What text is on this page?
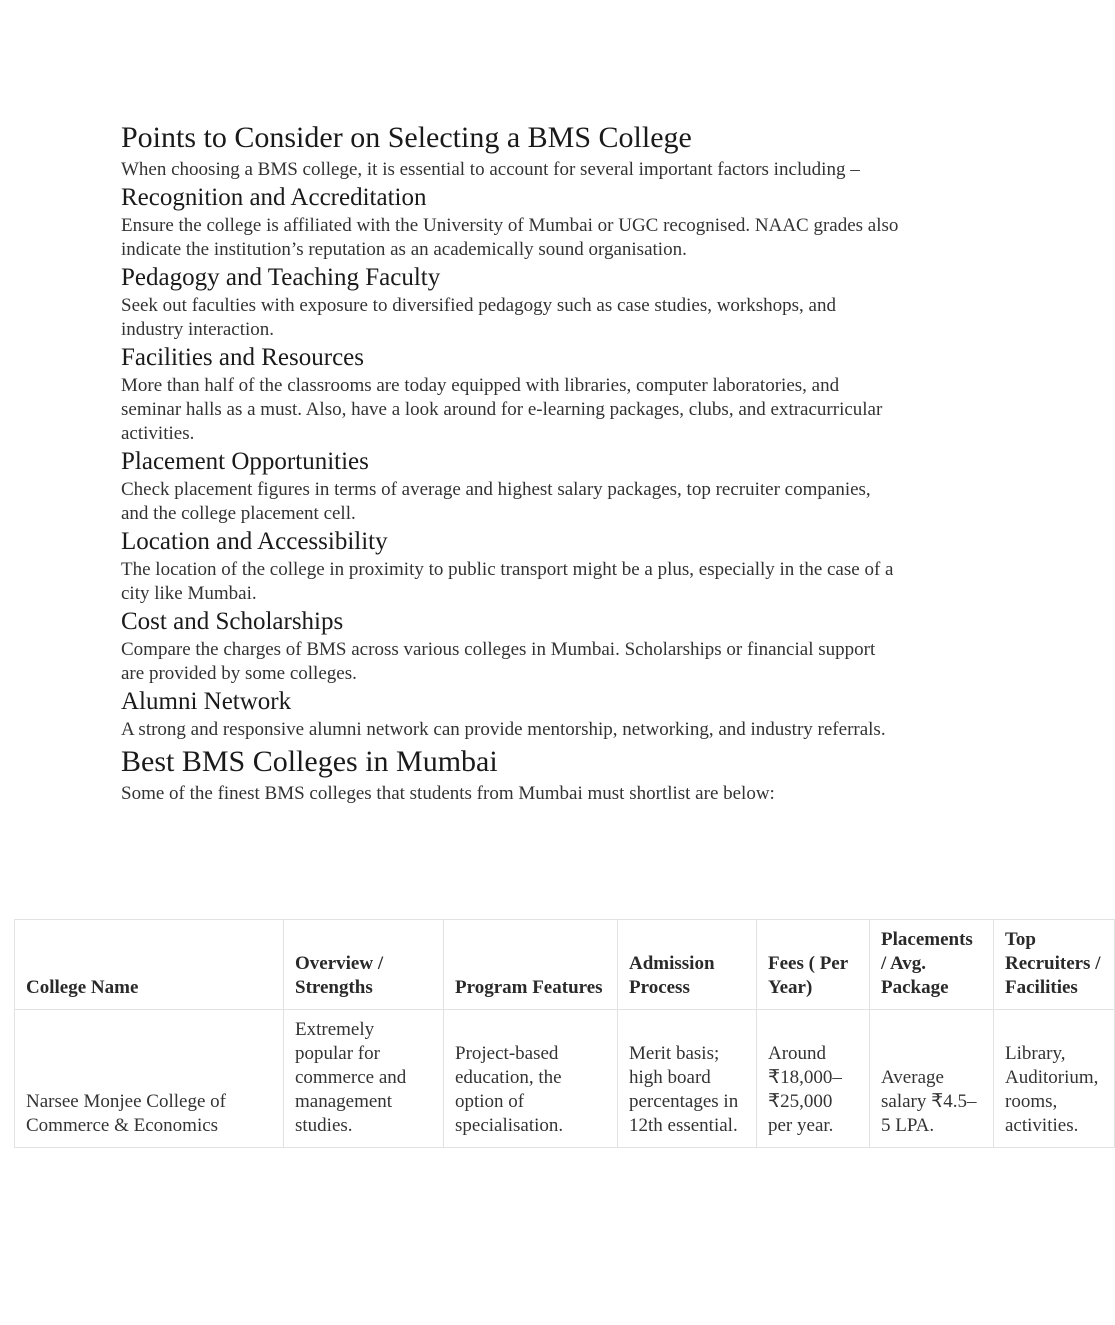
Points to Consider on Selecting a BMS College

When choosing a BMS college, it is essential to account for several important factors including –

Recognition and Accreditation

Ensure the college is affiliated with the University of Mumbai or UGC recognised. NAAC grades also indicate the institution’s reputation as an academically sound organisation.

Pedagogy and Teaching Faculty

Seek out faculties with exposure to diversified pedagogy such as case studies, workshops, and industry interaction.

Facilities and Resources

More than half of the classrooms are today equipped with libraries, computer laboratories, and seminar halls as a must. Also, have a look around for e-learning packages, clubs, and extracurricular activities.

Placement Opportunities

Check placement figures in terms of average and highest salary packages, top recruiter companies, and the college placement cell.

Location and Accessibility

The location of the college in proximity to public transport might be a plus, especially in the case of a city like Mumbai.

Cost and Scholarships

Compare the charges of BMS across various colleges in Mumbai. Scholarships or financial support are provided by some colleges.

Alumni Network

A strong and responsive alumni network can provide mentorship, networking, and industry referrals.

Best BMS Colleges in Mumbai

Some of the finest BMS colleges that students from Mumbai must shortlist are below:

College Name	Overview / Strengths	Program Features	Admission Process	Fees ( Per Year)	Placements / Avg. Package	Top Recruiters / Facilities
Narsee Monjee College of Commerce & Economics	Extremely popular for commerce and management studies.	Project-based education, the option of specialisation.	Merit basis; high board percentages in 12th essential.	Around ₹18,000–₹25,000 per year.	Average salary ₹4.5–5 LPA.	Library, Auditorium, rooms, activities.
